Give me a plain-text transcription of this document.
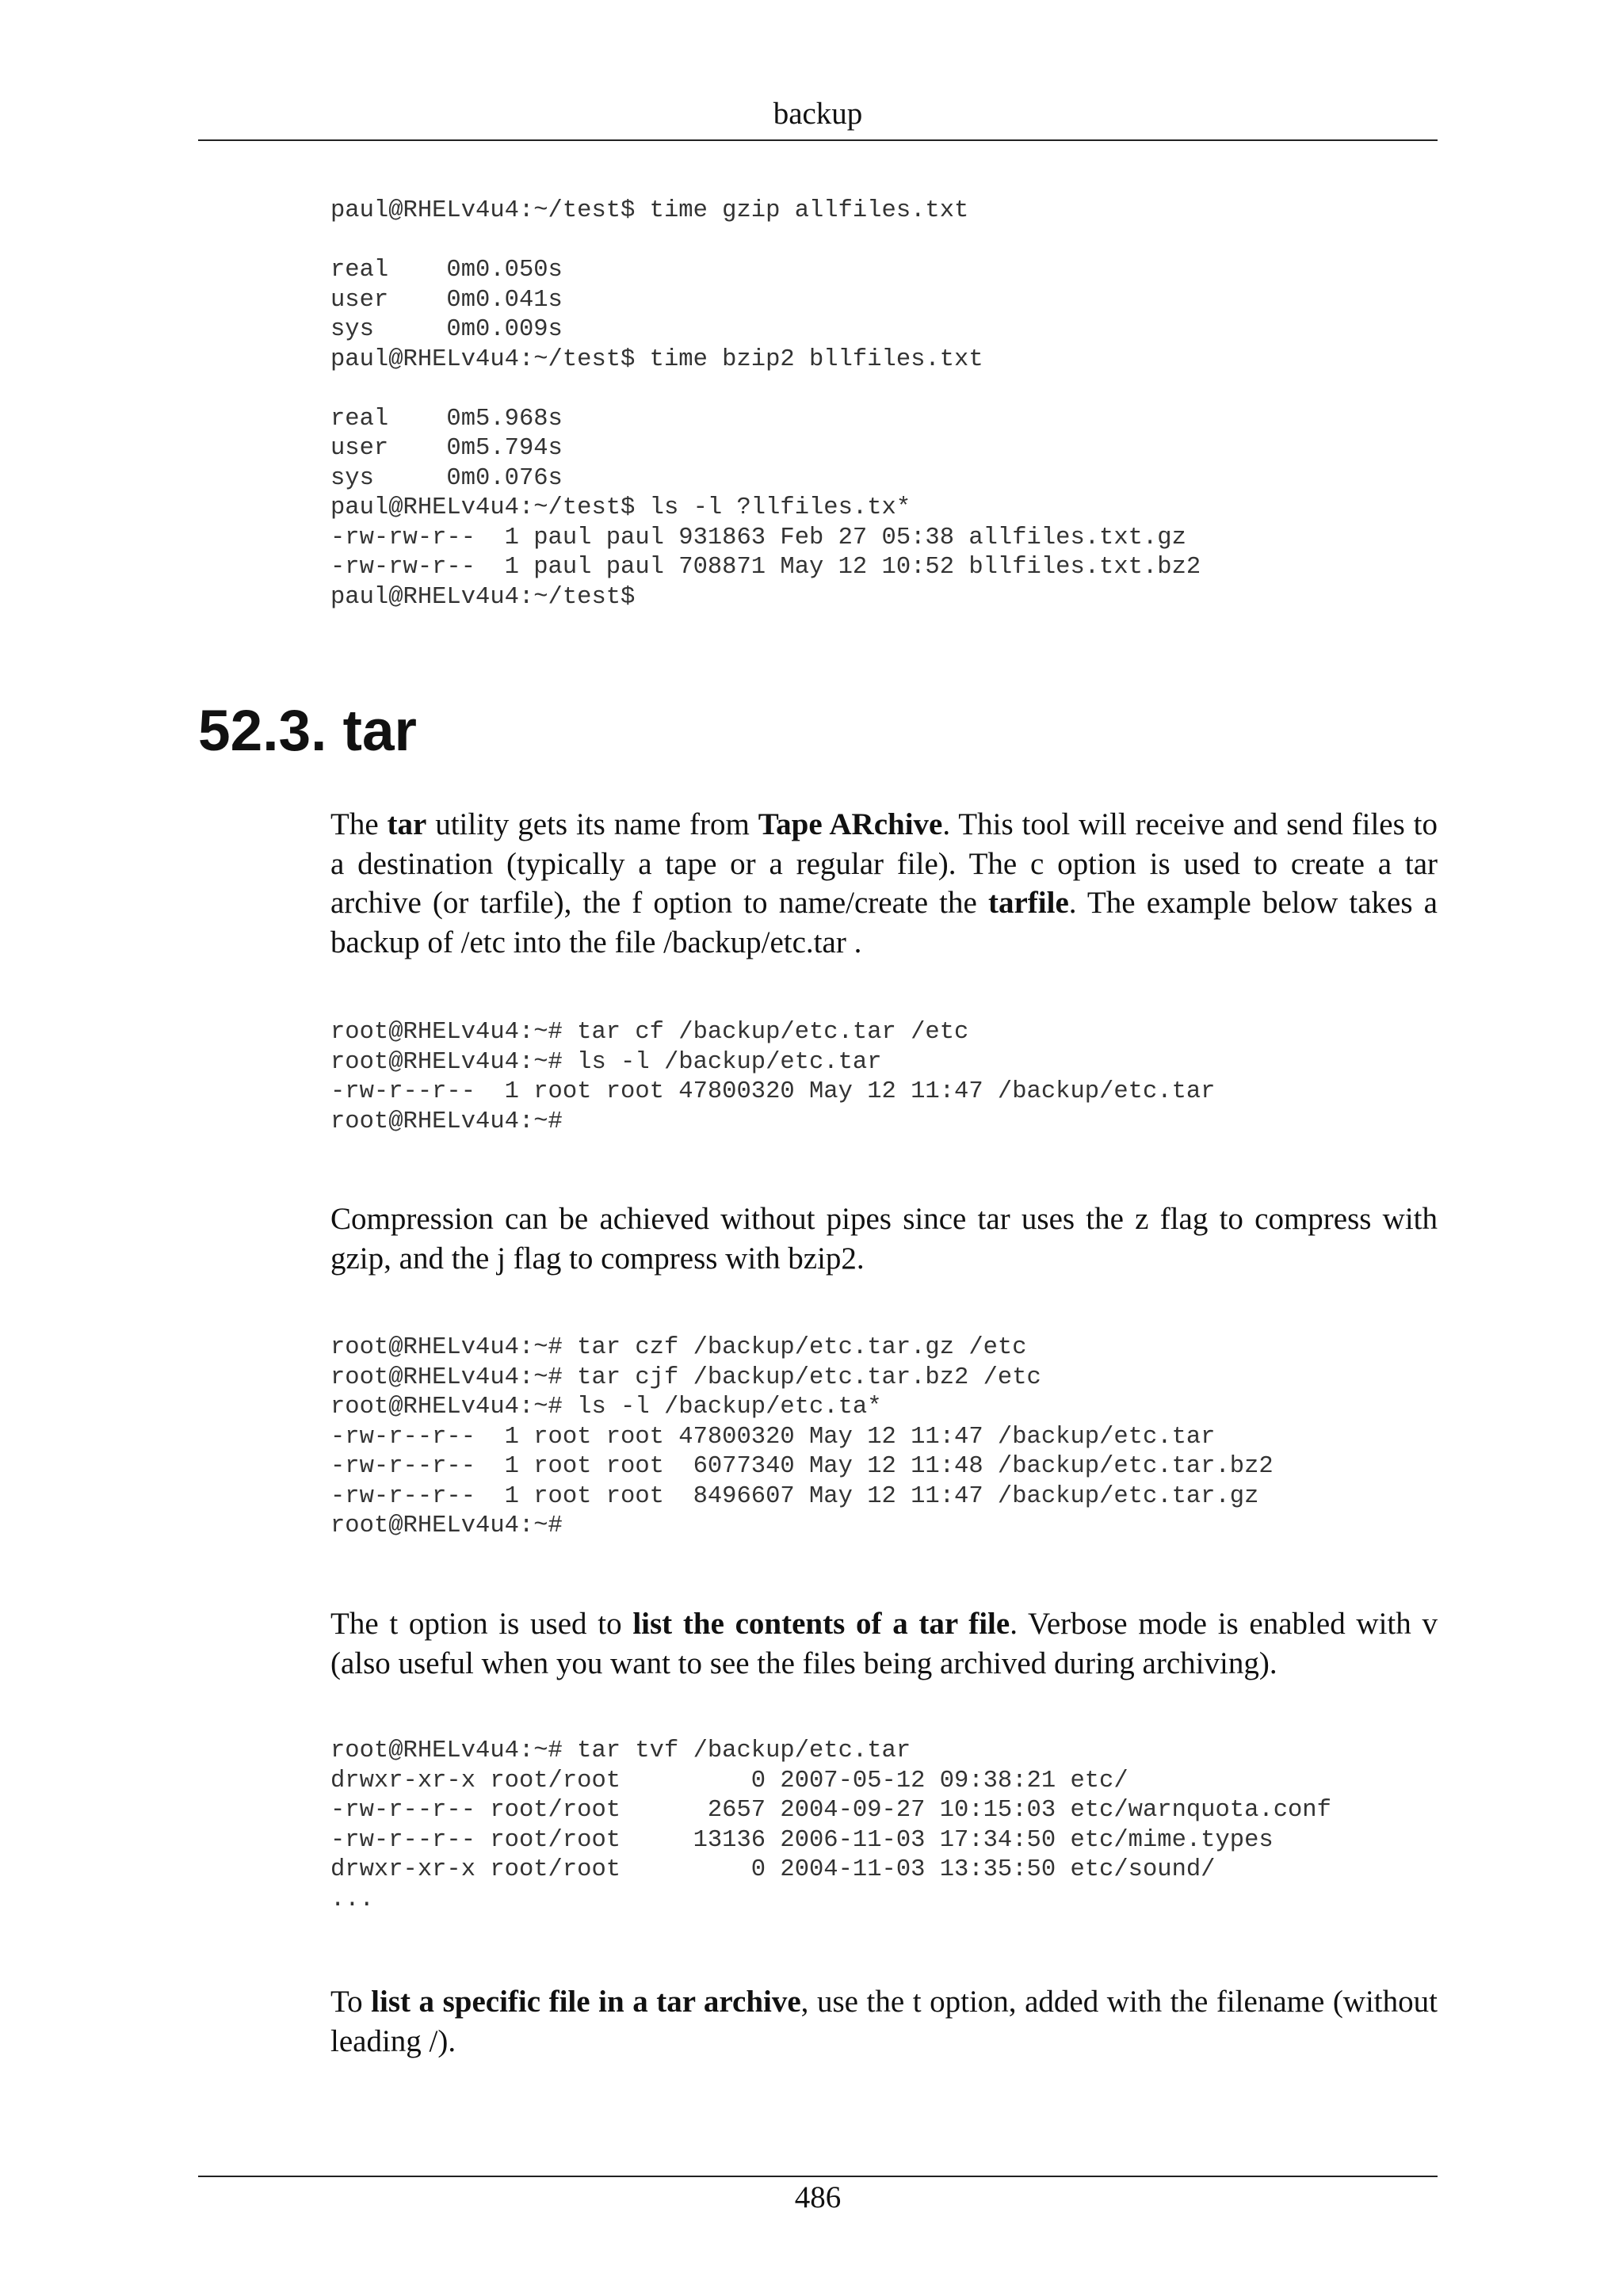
backup
paul@RHELv4u4:~/test$ time gzip allfiles.txt
real    0m0.050s
user    0m0.041s
sys     0m0.009s
paul@RHELv4u4:~/test$ time bzip2 bllfiles.txt
real    0m5.968s
user    0m5.794s
sys     0m0.076s
paul@RHELv4u4:~/test$ ls -l ?llfiles.tx*
-rw-rw-r--  1 paul paul 931863 Feb 27 05:38 allfiles.txt.gz
-rw-rw-r--  1 paul paul 708871 May 12 10:52 bllfiles.txt.bz2
paul@RHELv4u4:~/test$
52.3. tar

The tar utility gets its name from Tape ARchive. This tool will receive and send files to a destination (typically a tape or a regular file). The c option is used to create a tar archive (or tarfile), the f option to name/create the tarfile. The example below takes a backup of /etc into the file /backup/etc.tar .

root@RHELv4u4:~# tar cf /backup/etc.tar /etc
root@RHELv4u4:~# ls -l /backup/etc.tar
-rw-r--r--  1 root root 47800320 May 12 11:47 /backup/etc.tar
root@RHELv4u4:~#

Compression can be achieved without pipes since tar uses the z flag to compress with gzip, and the j flag to compress with bzip2.

root@RHELv4u4:~# tar czf /backup/etc.tar.gz /etc
root@RHELv4u4:~# tar cjf /backup/etc.tar.bz2 /etc
root@RHELv4u4:~# ls -l /backup/etc.ta*
-rw-r--r--  1 root root 47800320 May 12 11:47 /backup/etc.tar
-rw-r--r--  1 root root  6077340 May 12 11:48 /backup/etc.tar.bz2
-rw-r--r--  1 root root  8496607 May 12 11:47 /backup/etc.tar.gz
root@RHELv4u4:~#

The t option is used to list the contents of a tar file. Verbose mode is enabled with v (also useful when you want to see the files being archived during archiving).

root@RHELv4u4:~# tar tvf /backup/etc.tar
drwxr-xr-x root/root         0 2007-05-12 09:38:21 etc/
-rw-r--r-- root/root      2657 2004-09-27 10:15:03 etc/warnquota.conf
-rw-r--r-- root/root     13136 2006-11-03 17:34:50 etc/mime.types
drwxr-xr-x root/root         0 2004-11-03 13:35:50 etc/sound/
...

To list a specific file in a tar archive, use the t option, added with the filename (without leading /).

486
